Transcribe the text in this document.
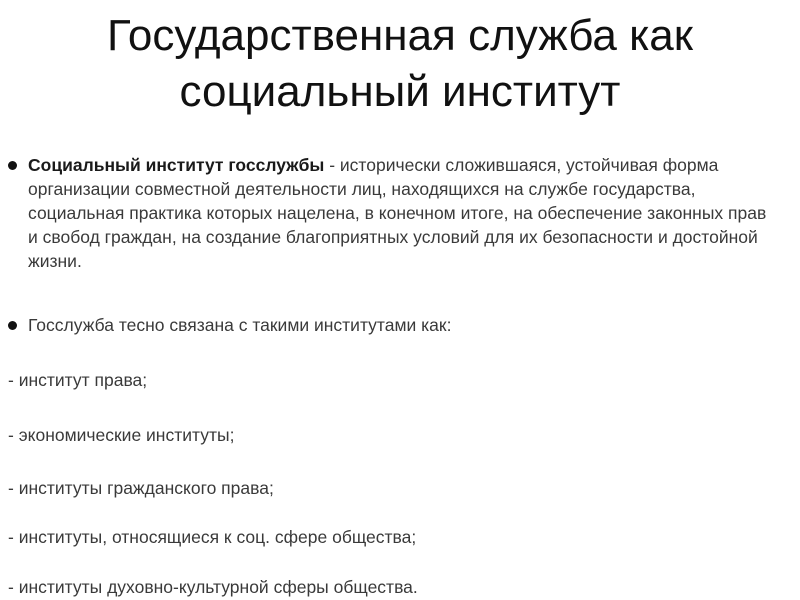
Государственная служба как
социальный институт
Социальный институт госслужбы - исторически сложившаяся, устойчивая форма организации совместной деятельности лиц, находящихся на службе государства, социальная практика которых нацелена, в конечном итоге, на обеспечение законных прав и свобод граждан, на создание благоприятных условий для их безопасности и достойной жизни.
Госслужба тесно связана с такими институтами как:
- институт права;
- экономические институты;
- институты гражданского права;
- институты, относящиеся к соц. сфере общества;
- институты духовно-культурной сферы общества.
